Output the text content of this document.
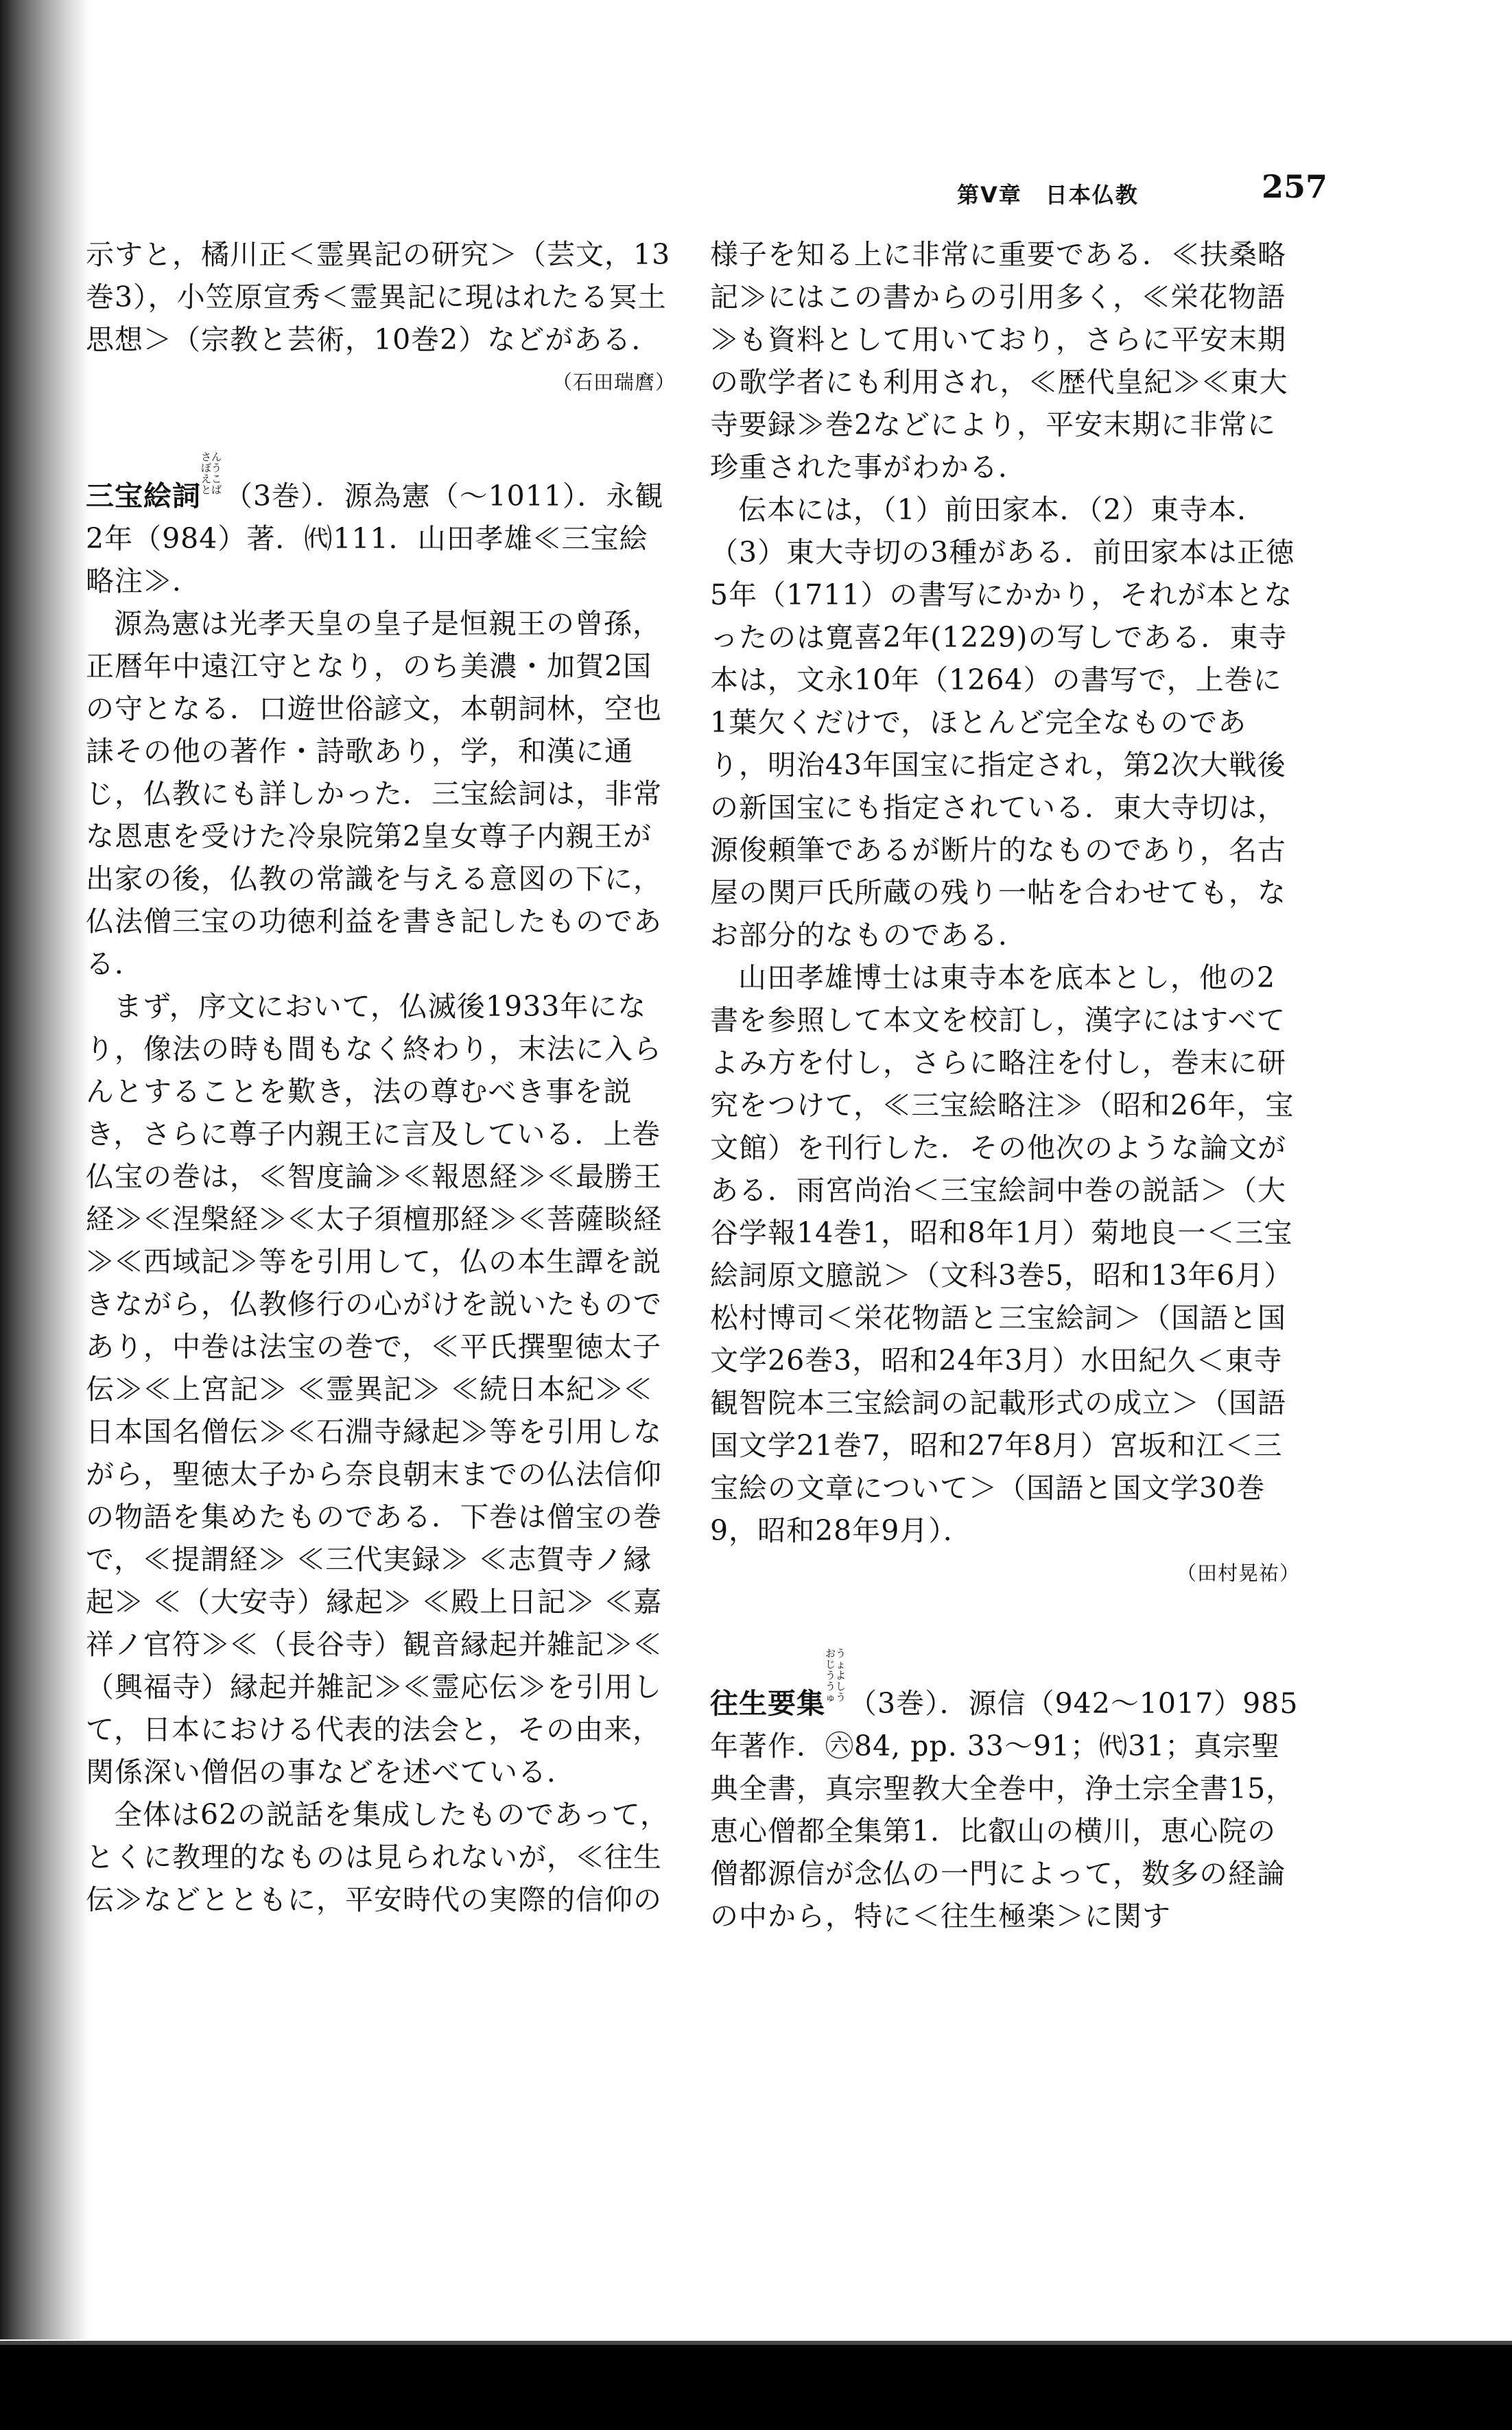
第V章　日本仏教	257

示すと，橘川正＜霊異記の研究＞（芸文，13巻3），小笠原宣秀＜霊異記に現はれたる冥土思想＞（宗教と芸術，10巻2）などがある.

（石田瑞麿）

三宝絵詞さんぼうえことば（3巻）．源為憲（～1011）．永観2年（984）著．㈹111．山田孝雄≪三宝絵略注≫．

源為憲は光孝天皇の皇子是恒親王の曾孫，正暦年中遠江守となり，のち美濃・加賀2国の守となる．口遊世俗諺文，本朝詞林，空也誄その他の著作・詩歌あり，学，和漢に通じ，仏教にも詳しかった．三宝絵詞は，非常な恩恵を受けた冷泉院第2皇女尊子内親王が出家の後，仏教の常識を与える意図の下に，仏法僧三宝の功徳利益を書き記したものである．

まず，序文において，仏滅後1933年になり，像法の時も間もなく終わり，末法に入らんとすることを歎き，法の尊むべき事を説き，さらに尊子内親王に言及している．上巻仏宝の巻は，≪智度論≫≪報恩経≫≪最勝王経≫≪涅槃経≫≪太子須檀那経≫≪菩薩睒経≫≪西域記≫等を引用して，仏の本生譚を説きながら，仏教修行の心がけを説いたものであり，中巻は法宝の巻で，≪平氏撰聖徳太子伝≫≪上宮記≫ ≪霊異記≫ ≪続日本紀≫≪日本国名僧伝≫≪石淵寺縁起≫等を引用しながら，聖徳太子から奈良朝末までの仏法信仰の物語を集めたものである．下巻は僧宝の巻で，≪提謂経≫ ≪三代実録≫ ≪志賀寺ノ縁起≫ ≪（大安寺）縁起≫ ≪殿上日記≫ ≪嘉祥ノ官符≫≪（長谷寺）観音縁起并雑記≫≪（興福寺）縁起并雑記≫≪霊応伝≫を引用して，日本における代表的法会と，その由来，関係深い僧侶の事などを述べている．

全体は62の説話を集成したものであって，とくに教理的なものは見られないが，≪往生伝≫などとともに，平安時代の実際的信仰の

様子を知る上に非常に重要である．≪扶桑略記≫にはこの書からの引用多く，≪栄花物語≫も資料として用いており，さらに平安末期の歌学者にも利用され，≪歴代皇紀≫≪東大寺要録≫巻2などにより，平安末期に非常に珍重された事がわかる．

伝本には，（1）前田家本．（2）東寺本．（3）東大寺切の3種がある．前田家本は正徳5年（1711）の書写にかかり，それが本となったのは寛喜2年(1229)の写しである．東寺本は，文永10年（1264）の書写で，上巻に1葉欠くだけで，ほとんど完全なものであり，明治43年国宝に指定され，第2次大戦後の新国宝にも指定されている．東大寺切は，源俊頼筆であるが断片的なものであり，名古屋の関戸氏所蔵の残り一帖を合わせても，なお部分的なものである．

山田孝雄博士は東寺本を底本とし，他の2書を参照して本文を校訂し，漢字にはすべてよみ方を付し，さらに略注を付し，巻末に研究をつけて，≪三宝絵略注≫（昭和26年，宝文館）を刊行した．その他次のような論文がある．雨宮尚治＜三宝絵詞中巻の説話＞（大谷学報14巻1，昭和8年1月）菊地良一＜三宝絵詞原文臆説＞（文科3巻5，昭和13年6月）松村博司＜栄花物語と三宝絵詞＞（国語と国文学26巻3，昭和24年3月）水田紀久＜東寺観智院本三宝絵詞の記載形式の成立＞（国語国文学21巻7，昭和27年8月）宮坂和江＜三宝絵の文章について＞（国語と国文学30巻9，昭和28年9月）．

（田村晃祐）

往生要集おうじょうようしゅう（3巻）．源信（942～1017）985年著作．㊅84, pp. 33～91；㈹31；真宗聖典全書，真宗聖教大全巻中，浄土宗全書15，恵心僧都全集第1．比叡山の横川，恵心院の僧都源信が念仏の一門によって，数多の経論の中から，特に＜往生極楽＞に関す
